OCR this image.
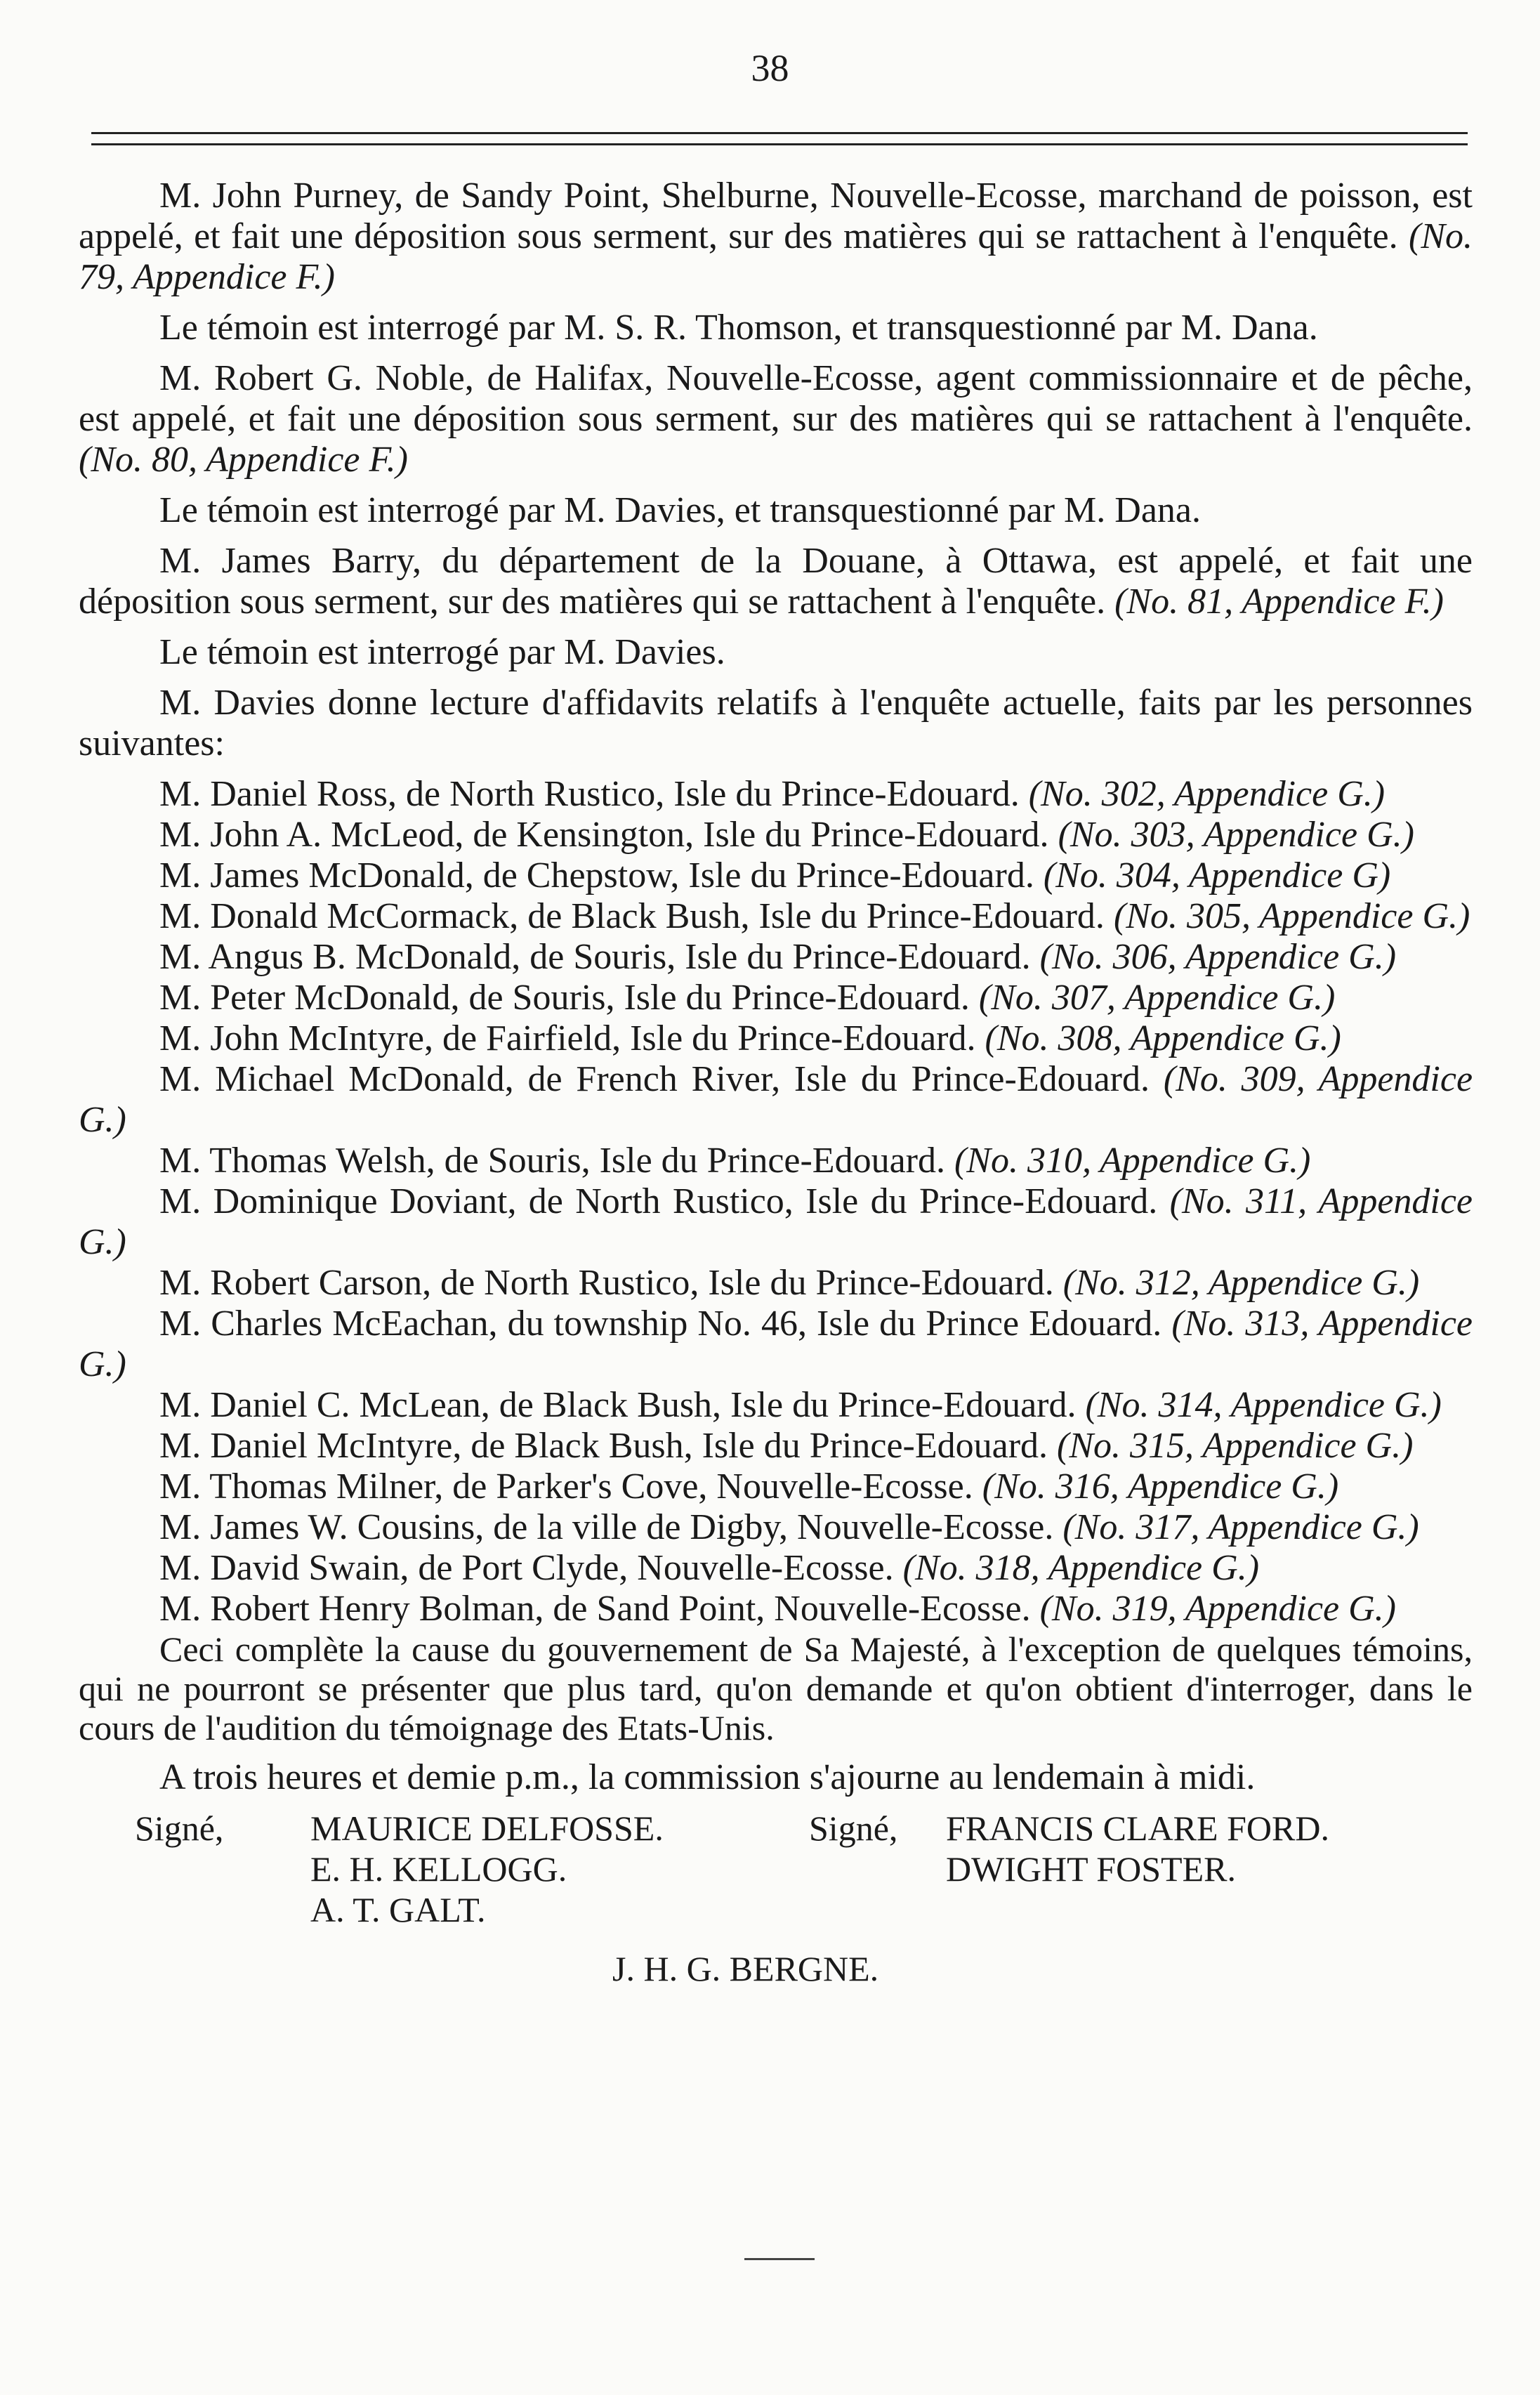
38

M. John Purney, de Sandy Point, Shelburne, Nouvelle-Ecosse, marchand de poisson, est appelé, et fait une déposition sous serment, sur des matières qui se rattachent à l'enquête. (No. 79, Appendice F.)

Le témoin est interrogé par M. S. R. Thomson, et transquestionné par M. Dana.

M. Robert G. Noble, de Halifax, Nouvelle-Ecosse, agent commissionnaire et de pêche, est appelé, et fait une déposition sous serment, sur des matières qui se rattachent à l'enquête. (No. 80, Appendice F.)

Le témoin est interrogé par M. Davies, et transquestionné par M. Dana.

M. James Barry, du département de la Douane, à Ottawa, est appelé, et fait une déposition sous serment, sur des matières qui se rattachent à l'enquête. (No. 81, Appendice F.)

Le témoin est interrogé par M. Davies.

M. Davies donne lecture d'affidavits relatifs à l'enquête actuelle, faits par les personnes suivantes:

M. Daniel Ross, de North Rustico, Isle du Prince-Edouard. (No. 302, Appendice G.)

M. John A. McLeod, de Kensington, Isle du Prince-Edouard. (No. 303, Appendice G.)

M. James McDonald, de Chepstow, Isle du Prince-Edouard. (No. 304, Appendice G)

M. Donald McCormack, de Black Bush, Isle du Prince-Edouard. (No. 305, Appendice G.)

M. Angus B. McDonald, de Souris, Isle du Prince-Edouard. (No. 306, Appendice G.)

M. Peter McDonald, de Souris, Isle du Prince-Edouard. (No. 307, Appendice G.)

M. John McIntyre, de Fairfield, Isle du Prince-Edouard. (No. 308, Appendice G.)

M. Michael McDonald, de French River, Isle du Prince-Edouard. (No. 309, Appendice G.)

M. Thomas Welsh, de Souris, Isle du Prince-Edouard. (No. 310, Appendice G.)

M. Dominique Doviant, de North Rustico, Isle du Prince-Edouard. (No. 311, Appendice G.)

M. Robert Carson, de North Rustico, Isle du Prince-Edouard. (No. 312, Appendice G.)

M. Charles McEachan, du township No. 46, Isle du Prince Edouard. (No. 313, Appendice G.)

M. Daniel C. McLean, de Black Bush, Isle du Prince-Edouard. (No. 314, Appendice G.)

M. Daniel McIntyre, de Black Bush, Isle du Prince-Edouard. (No. 315, Appendice G.)

M. Thomas Milner, de Parker's Cove, Nouvelle-Ecosse. (No. 316, Appendice G.)

M. James W. Cousins, de la ville de Digby, Nouvelle-Ecosse. (No. 317, Appendice G.)

M. David Swain, de Port Clyde, Nouvelle-Ecosse. (No. 318, Appendice G.)

M. Robert Henry Bolman, de Sand Point, Nouvelle-Ecosse. (No. 319, Appendice G.)

Ceci complète la cause du gouvernement de Sa Majesté, à l'exception de quelques témoins, qui ne pourront se présenter que plus tard, qu'on demande et qu'on obtient d'interroger, dans le cours de l'audition du témoignage des Etats-Unis.

A trois heures et demie p.m., la commission s'ajourne au lendemain à midi.

Signé, MAURICE DELFOSSE.
E. H. KELLOGG.
A. T. GALT.
Signé, FRANCIS CLARE FORD.
DWIGHT FOSTER.
J. H. G. BERGNE.
